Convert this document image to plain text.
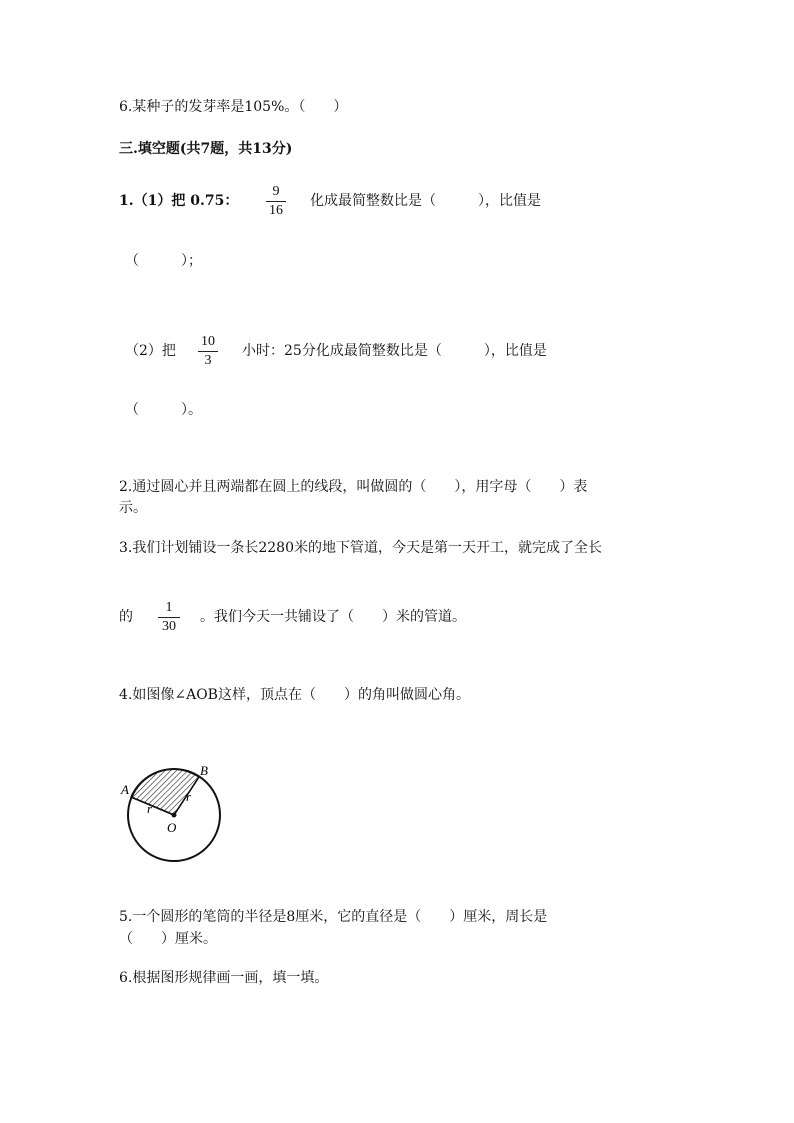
6.某种子的发芽率是105%。（　　）
三.填空题(共7题，共13分)
1.（1）把 0.75：
9
16
化成最简整数比是（　　　），比值是
（　　　）；
（2）把
10
3
小时：25分化成最简整数比是（　　　），比值是
（　　　）。
2.通过圆心并且两端都在圆上的线段，叫做圆的（　　），用字母（　　）表
示。
3.我们计划铺设一条长2280米的地下管道，今天是第一天开工，就完成了全长
的
1
30
。我们今天一共铺设了（　　）米的管道。
4.如图像∠AOB这样，顶点在（　　）的角叫做圆心角。
A
B
O
r
r
5.一个圆形的笔筒的半径是8厘米，它的直径是（　　）厘米，周长是
（　　）厘米。
6.根据图形规律画一画，填一填。
